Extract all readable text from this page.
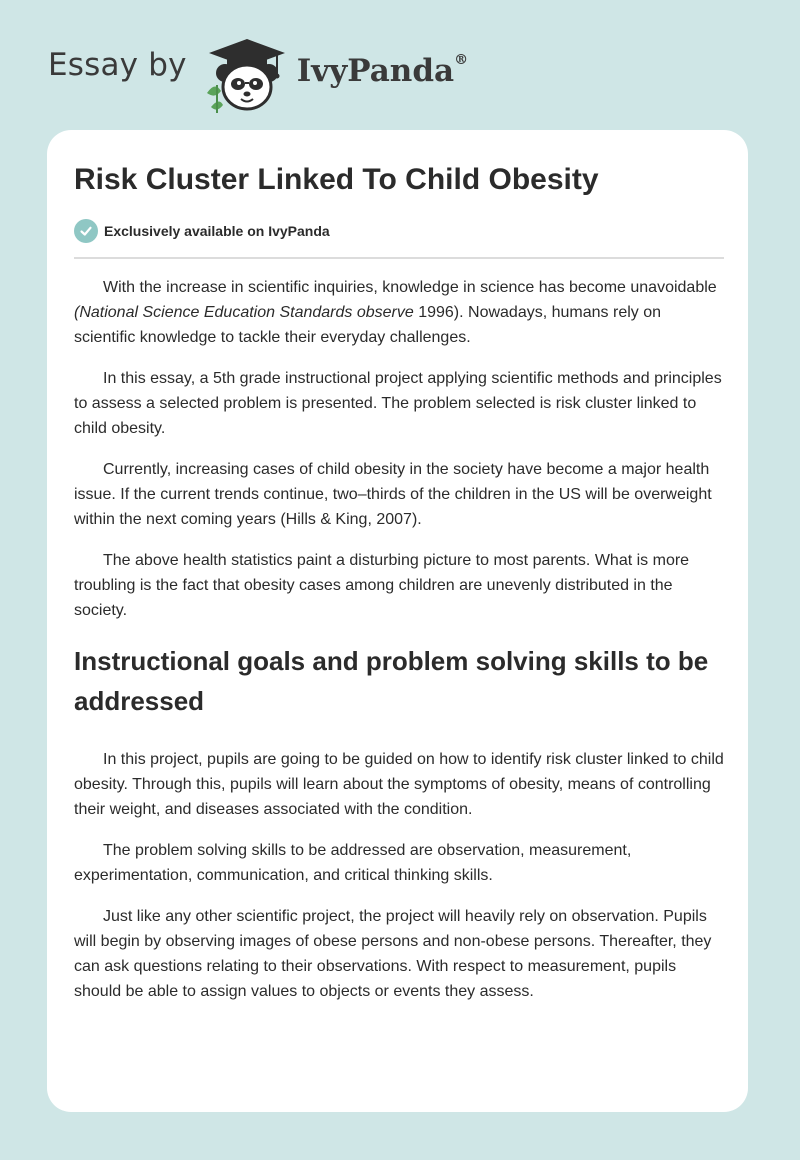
Essay by	IvyPanda®
Risk Cluster Linked To Child Obesity
Exclusively available on IvyPanda

With the increase in scientific inquiries, knowledge in science has become unavoidable (National Science Education Standards observe 1996). Nowadays, humans rely on scientific knowledge to tackle their everyday challenges.

In this essay, a 5th grade instructional project applying scientific methods and principles to assess a selected problem is presented. The problem selected is risk cluster linked to child obesity.

Currently, increasing cases of child obesity in the society have become a major health issue. If the current trends continue, two–thirds of the children in the US will be overweight within the next coming years (Hills & King, 2007).

The above health statistics paint a disturbing picture to most parents. What is more troubling is the fact that obesity cases among children are unevenly distributed in the society.

Instructional goals and problem solving skills to be addressed

In this project, pupils are going to be guided on how to identify risk cluster linked to child obesity. Through this, pupils will learn about the symptoms of obesity, means of controlling their weight, and diseases associated with the condition.

The problem solving skills to be addressed are observation, measurement, experimentation, communication, and critical thinking skills.

Just like any other scientific project, the project will heavily rely on observation. Pupils will begin by observing images of obese persons and non-obese persons. Thereafter, they can ask questions relating to their observations. With respect to measurement, pupils should be able to assign values to objects or events they assess.
